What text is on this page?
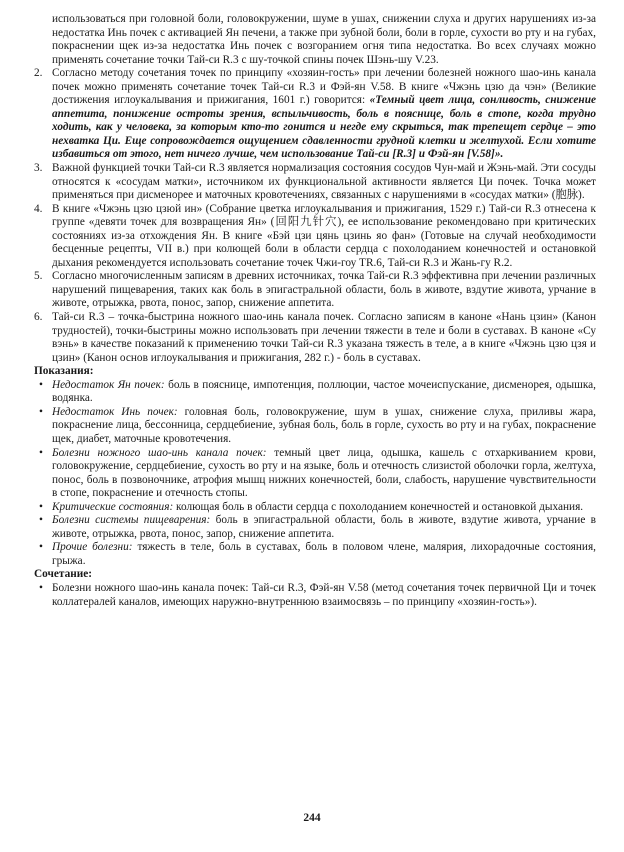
использоваться при головной боли, головокружении, шуме в ушах, снижении слуха и других нарушениях из-за недостатка Инь почек с активацией Ян печени, а также при зубной боли, боли в горле, сухости во рту и на губах, покраснении щек из-за недостатка Инь почек с возгоранием огня типа недостатка. Во всех случаях можно применять сочетание точки Тай-си R.3 с шу-точкой спины почек Шэнь-шу V.23.

2. Согласно методу сочетания точек по принципу «хозяин-гость» при лечении болезней ножного шао-инь канала почек можно применять сочетание точек Тай-си R.3 и Фэй-ян V.58. В книге «Чжэнь цзю да чэн» (Великие достижения иглоукалывания и прижигания, 1601 г.) говорится: «Темный цвет лица, сонливость, снижение аппетита, понижение остроты зрения, вспыльчивость, боль в пояснице, боль в стопе, когда трудно ходить, как у человека, за которым кто-то гонится и негде ему скрыться, так трепещет сердце – это нехватка Ци. Еще сопровождается ощущением сдавленности грудной клетки и желтухой. Если хотите избавиться от этого, нет ничего лучше, чем использование Тай-си [R.3] и Фэй-ян [V.58]».
3. Важной функцией точки Тай-си R.3 является нормализация состояния сосудов Чун-май и Жэнь-май. Эти сосуды относятся к «сосудам матки», источником их функциональной активности является Ци почек. Точка может применяться при дисменорее и маточных кровотечениях, связанных с нарушениями в «сосудах матки» (胞脉).
4. В книге «Чжэнь цзю цзюй ин» (Собрание цветка иглоукалывания и прижигания, 1529 г.) Тай-си R.3 отнесена к группе «девяти точек для возвращения Ян» (回阳九针穴), ее использование рекомендовано при критических состояниях из-за отхождения Ян. В книге «Бэй цзи цянь цзинь яо фан» (Готовые на случай необходимости бесценные рецепты, VII в.) при колющей боли в области сердца с похолоданием конечностей и остановкой дыхания рекомендуется использовать сочетание точек Чжи-гоу TR.6, Тай-си R.3 и Жань-гу R.2.
5. Согласно многочисленным записям в древних источниках, точка Тай-си R.3 эффективна при лечении различных нарушений пищеварения, таких как боль в эпигастральной области, боль в животе, вздутие живота, урчание в животе, отрыжка, рвота, понос, запор, снижение аппетита.
6. Тай-си R.3 – точка-быстрина ножного шао-инь канала почек. Согласно записям в каноне «Нань цзин» (Канон трудностей), точки-быстрины можно использовать при лечении тяжести в теле и боли в суставах. В каноне «Су вэнь» в качестве показаний к применению точки Тай-си R.3 указана тяжесть в теле, а в книге «Чжэнь цзю цзя и цзин» (Канон основ иглоукалывания и прижигания, 282 г.) - боль в суставах.
Показания:
• Недостаток Ян почек: боль в пояснице, импотенция, поллюции, частое мочеиспускание, дисменорея, одышка, водянка.
• Недостаток Инь почек: головная боль, головокружение, шум в ушах, снижение слуха, приливы жара, покраснение лица, бессонница, сердцебиение, зубная боль, боль в горле, сухость во рту и на губах, покраснение щек, диабет, маточные кровотечения.
• Болезни ножного шао-инь канала почек: темный цвет лица, одышка, кашель с отхаркиванием крови, головокружение, сердцебиение, сухость во рту и на языке, боль и отечность слизистой оболочки горла, желтуха, понос, боль в позвоночнике, атрофия мышц нижних конечностей, боли, слабость, нарушение чувствительности в стопе, покраснение и отечность стопы.
• Критические состояния: колющая боль в области сердца с похолоданием конечностей и остановкой дыхания.
• Болезни системы пищеварения: боль в эпигастральной области, боль в животе, вздутие живота, урчание в животе, отрыжка, рвота, понос, запор, снижение аппетита.
• Прочие болезни: тяжесть в теле, боль в суставах, боль в половом члене, малярия, лихорадочные состояния, грыжа.
Сочетание:
• Болезни ножного шао-инь канала почек: Тай-си R.3, Фэй-ян V.58 (метод сочетания точек первичной Ци и точек коллатералей каналов, имеющих наружно-внутреннюю взаимосвязь – по принципу «хозяин-гость»).
244
